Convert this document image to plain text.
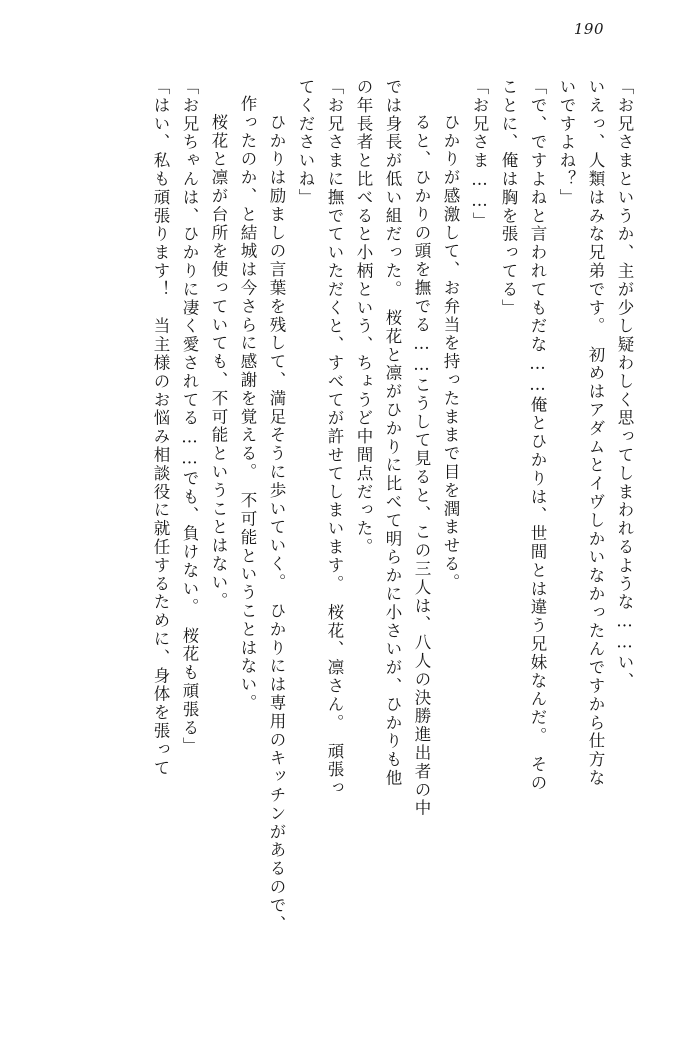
190
「お兄さまというか、主が少し疑わしく思ってしまわれるような……い、
いえっ、人類はみな兄弟です。　初めはアダムとイヴしかいなかったんですから仕方な
いですよね？」
「で、ですよねと言われてもだな……俺とひかりは、世間とは違う兄妹なんだ。　その
ことに、俺は胸を張ってる」
「お兄さま……」
　ひかりが感激して、お弁当を持ったままで目を潤ませる。
　ると、ひかりの頭を撫でる……こうして見ると、この三人は、八人の決勝進出者の中
では身長が低い組だった。　桜花と凛がひかりに比べて明らかに小さいが、ひかりも他
の年長者と比べると小柄という、ちょうど中間点だった。
「お兄さまに撫でていただくと、すべてが許せてしまいます。　桜花、凛さん。　頑張っ
てくださいね」
　ひかりは励ましの言葉を残して、満足そうに歩いていく。　ひかりには専用のキッチンがあるので、
作ったのか、と結城は今さらに感謝を覚える。　不可能ということはない。
　桜花と凛が台所を使っていても、不可能ということはない。
「お兄ちゃんは、ひかりに凄く愛されてる……でも、負けない。　桜花も頑張る」
「はい、私も頑張ります！　当主様のお悩み相談役に就任するために、身体を張って
